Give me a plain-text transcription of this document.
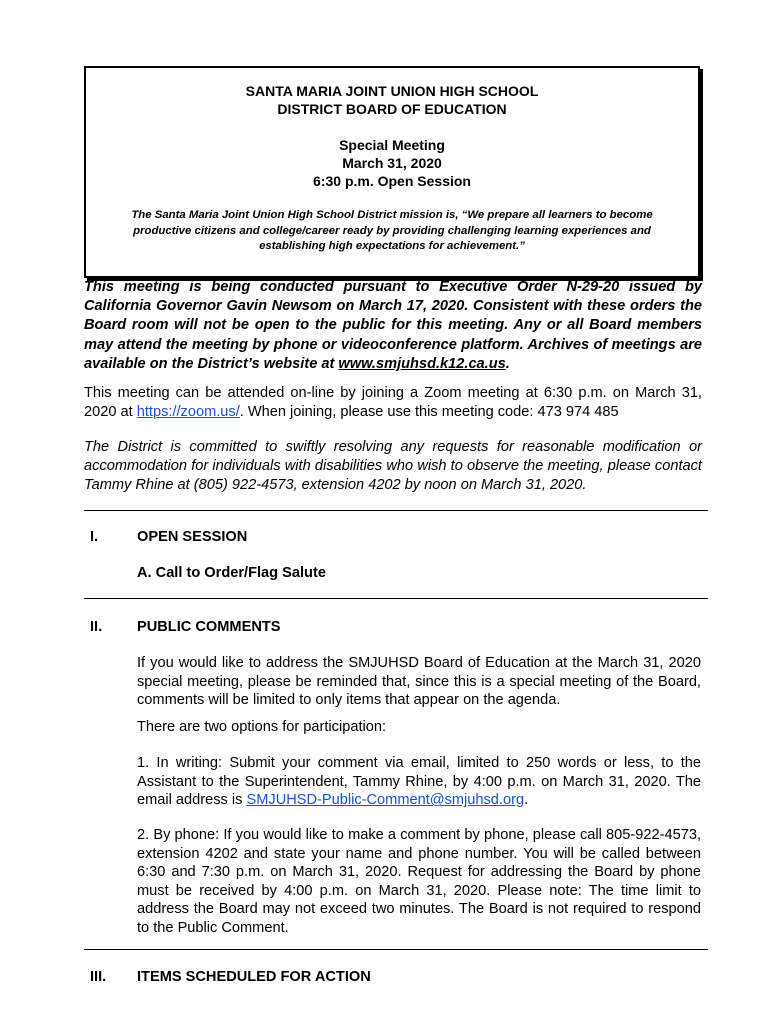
SANTA MARIA JOINT UNION HIGH SCHOOL
DISTRICT BOARD OF EDUCATION
Special Meeting
March 31, 2020
6:30 p.m. Open Session
The Santa Maria Joint Union High School District mission is, “We prepare all learners to become productive citizens and college/career ready by providing challenging learning experiences and establishing high expectations for achievement.”
This meeting is being conducted pursuant to Executive Order N-29-20 issued by California Governor Gavin Newsom on March 17, 2020. Consistent with these orders the Board room will not be open to the public for this meeting. Any or all Board members may attend the meeting by phone or videoconference platform. Archives of meetings are available on the District’s website at www.smjuhsd.k12.ca.us.
This meeting can be attended on-line by joining a Zoom meeting at 6:30 p.m. on March 31, 2020 at https://zoom.us/. When joining, please use this meeting code: 473 974 485
The District is committed to swiftly resolving any requests for reasonable modification or accommodation for individuals with disabilities who wish to observe the meeting, please contact Tammy Rhine at (805) 922-4573, extension 4202 by noon on March 31, 2020.
I.	OPEN SESSION
A. Call to Order/Flag Salute
II. PUBLIC COMMENTS
If you would like to address the SMJUHSD Board of Education at the March 31, 2020 special meeting, please be reminded that, since this is a special meeting of the Board, comments will be limited to only items that appear on the agenda.
There are two options for participation:
1. In writing: Submit your comment via email, limited to 250 words or less, to the Assistant to the Superintendent, Tammy Rhine, by 4:00 p.m. on March 31, 2020. The email address is SMJUHSD-Public-Comment@smjuhsd.org.
2. By phone: If you would like to make a comment by phone, please call 805-922-4573, extension 4202 and state your name and phone number. You will be called between 6:30 and 7:30 p.m. on March 31, 2020. Request for addressing the Board by phone must be received by 4:00 p.m. on March 31, 2020. Please note: The time limit to address the Board may not exceed two minutes. The Board is not required to respond to the Public Comment.
III. ITEMS SCHEDULED FOR ACTION
